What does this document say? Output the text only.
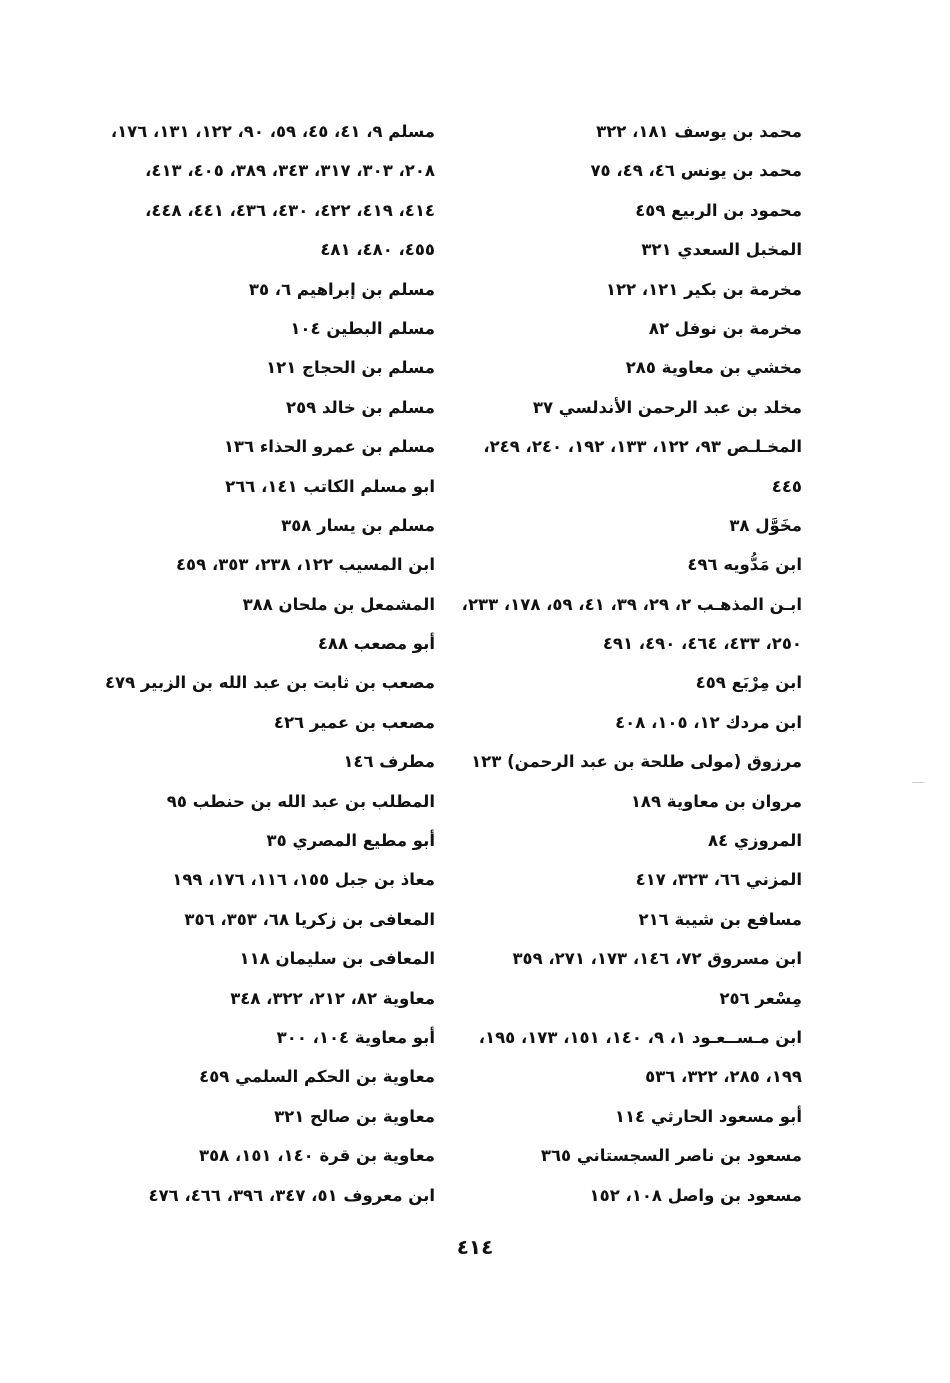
محمد بن يوسف ١٨١، ٣٢٢
محمد بن يونس ٤٦، ٤٩، ٧٥
محمود بن الربيع ٤٥٩
المخبل السعدي ٣٢١
مخرمة بن بكير ١٢١، ١٢٢
مخرمة بن نوفل ٨٢
مخشي بن معاوية ٢٨٥
مخلد بن عبد الرحمن الأندلسي ٣٧
المخـلـص ٩٣، ١٢٢، ١٣٣، ١٩٢، ٢٤٠، ٢٤٩،
٤٤٥
مخَوَّل ٣٨
ابن مَدُّويه ٤٩٦
ابـن المذهـب ٢، ٢٩، ٣٩، ٤١، ٥٩، ١٧٨، ٢٣٣،
٢٥٠، ٤٣٣، ٤٦٤، ٤٩٠، ٤٩١
ابن مِرْبَع ٤٥٩
ابن مردك ١٢، ١٠٥، ٤٠٨
مرزوق (مولى طلحة بن عبد الرحمن) ١٢٣
مروان بن معاوية ١٨٩
المروزي ٨٤
المزني ٦٦، ٣٢٣، ٤١٧
مسافع بن شيبة ٢١٦
ابن مسروق ٧٢، ١٤٦، ١٧٣، ٢٧١، ٣٥٩
مِسْعر ٢٥٦
ابن مـســعـود ١، ٩، ١٤٠، ١٥١، ١٧٣، ١٩٥،
١٩٩، ٢٨٥، ٣٢٢، ٥٣٦
أبو مسعود الحارثي ١١٤
مسعود بن ناصر السجستاني ٣٦٥
مسعود بن واصل ١٠٨، ١٥٢
مسلم ٩، ٤١، ٤٥، ٥٩، ٩٠، ١٢٢، ١٣١، ١٧٦،
٢٠٨، ٣٠٣، ٣١٧، ٣٤٣، ٣٨٩، ٤٠٥، ٤١٣،
٤١٤، ٤١٩، ٤٢٢، ٤٣٠، ٤٣٦، ٤٤١، ٤٤٨،
٤٥٥، ٤٨٠، ٤٨١
مسلم بن إبراهيم ٦، ٣٥
مسلم البطين ١٠٤
مسلم بن الحجاج ١٢١
مسلم بن خالد ٢٥٩
مسلم بن عمرو الحذاء ١٣٦
ابو مسلم الكاتب ١٤١، ٢٦٦
مسلم بن يسار ٣٥٨
ابن المسيب ١٢٢، ٢٣٨، ٣٥٣، ٤٥٩
المشمعل بن ملحان ٣٨٨
أبو مصعب ٤٨٨
مصعب بن ثابت بن عبد الله بن الزبير ٤٧٩
مصعب بن عمير ٤٢٦
مطرف ١٤٦
المطلب بن عبد الله بن حنطب ٩٥
أبو مطيع المصري ٣٥
معاذ بن جبل ١٥٥، ١١٦، ١٧٦، ١٩٩
المعافى بن زكريا ٦٨، ٣٥٣، ٣٥٦
المعافى بن سليمان ١١٨
معاوية ٨٢، ٢١٢، ٣٢٢، ٣٤٨
أبو معاوية ١٠٤، ٣٠٠
معاوية بن الحكم السلمي ٤٥٩
معاوية بن صالح ٣٢١
معاوية بن قرة ١٤٠، ١٥١، ٣٥٨
ابن معروف ٥١، ٣٤٧، ٣٩٦، ٤٦٦، ٤٧٦
٤١٤
